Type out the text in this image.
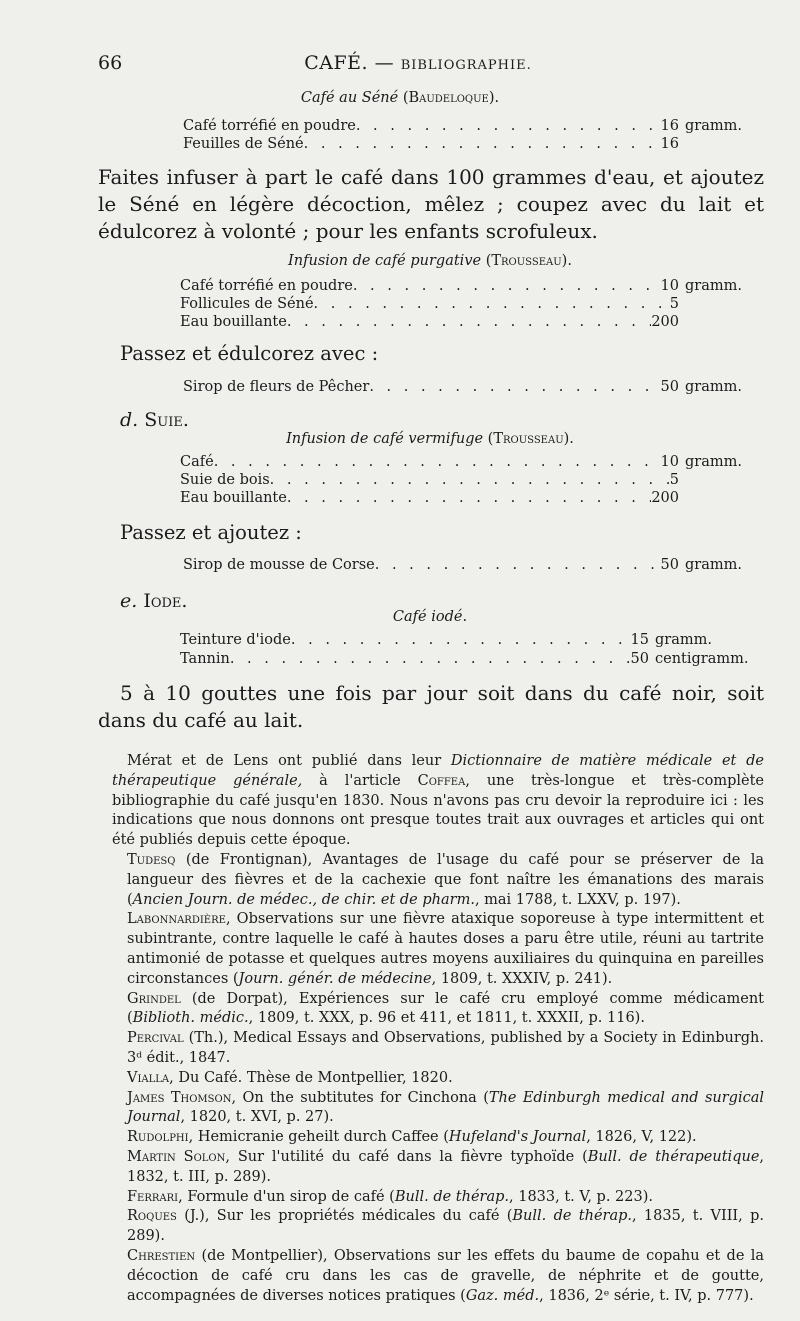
66	CAFÉ. — BIBLIOGRAPHIE.
Café au Séné (Baudeloque).
Café torréfié en poudre . . .	16 gramm.
Feuilles de Séné . . .	16
Faites infuser à part le café dans 100 grammes d'eau, et ajoutez le Séné en légère décoction, mêlez ; coupez avec du lait et édulcorez à volonté ; pour les enfants scrofuleux.
Infusion de café purgative (Trousseau).
Café torréfié en poudre . . .	10 gramm.
Follicules de Séné . . .	5
Eau bouillante . . .	200
Passez et édulcorez avec :
Sirop de fleurs de Pêcher . . .	50 gramm.
d. Suie.
Infusion de café vermifuge (Trousseau).
Café . . .	10 gramm.
Suie de bois . . .	5
Eau bouillante . . .	200
Passez et ajoutez :
Sirop de mousse de Corse . . .	50 gramm.
e. Iode.
Café iodé.
Teinture d'iode . . .	15 gramm.
Tannin . . .	50 centigramm.
5 à 10 gouttes une fois par jour soit dans du café noir, soit dans du café au lait.

Mérat et de Lens ont publié dans leur Dictionnaire de matière médicale et de thérapeutique générale, à l'article Coffea, une très-longue et très-complète bibliographie du café jusqu'en 1830. Nous n'avons pas cru devoir la reproduire ici : les indications que nous donnons ont presque toutes trait aux ouvrages et articles qui ont été publiés depuis cette époque.

Tudesq (de Frontignan), Avantages de l'usage du café pour se préserver de la langueur des fièvres et de la cachexie que font naître les émanations des marais (Ancien Journ. de médec., de chir. et de pharm., mai 1788, t. LXXV, p. 197).

Labonnardière, Observations sur une fièvre ataxique soporeuse à type intermittent et subintrante, contre laquelle le café à hautes doses a paru être utile, réuni au tartrite antimonié de potasse et quelques autres moyens auxiliaires du quinquina en pareilles circonstances (Journ. génér. de médecine, 1809, t. XXXIV, p. 241).

Grindel (de Dorpat), Expériences sur le café cru employé comme médicament (Biblioth. médic., 1809, t. XXX, p. 96 et 411, et 1811, t. XXXII, p. 116).

Percival (Th.), Medical Essays and Observations, published by a Society in Edinburgh. 3ᵈ édit., 1847.

Vialla, Du Café. Thèse de Montpellier, 1820.

James Thomson, On the subtitutes for Cinchona (The Edinburgh medical and surgical Journal, 1820, t. XVI, p. 27).

Rudolphi, Hemicranie geheilt durch Caffee (Hufeland's Journal, 1826, V, 122).

Martin Solon, Sur l'utilité du café dans la fièvre typhoïde (Bull. de thérapeutique, 1832, t. III, p. 289).

Ferrari, Formule d'un sirop de café (Bull. de thérap., 1833, t. V, p. 223).

Roques (J.), Sur les propriétés médicales du café (Bull. de thérap., 1835, t. VIII, p. 289).

Chrestien (de Montpellier), Observations sur les effets du baume de copahu et de la décoction de café cru dans les cas de gravelle, de néphrite et de goutte, accompagnées de diverses notices pratiques (Gaz. méd., 1836, 2ᵉ série, t. IV, p. 777).
